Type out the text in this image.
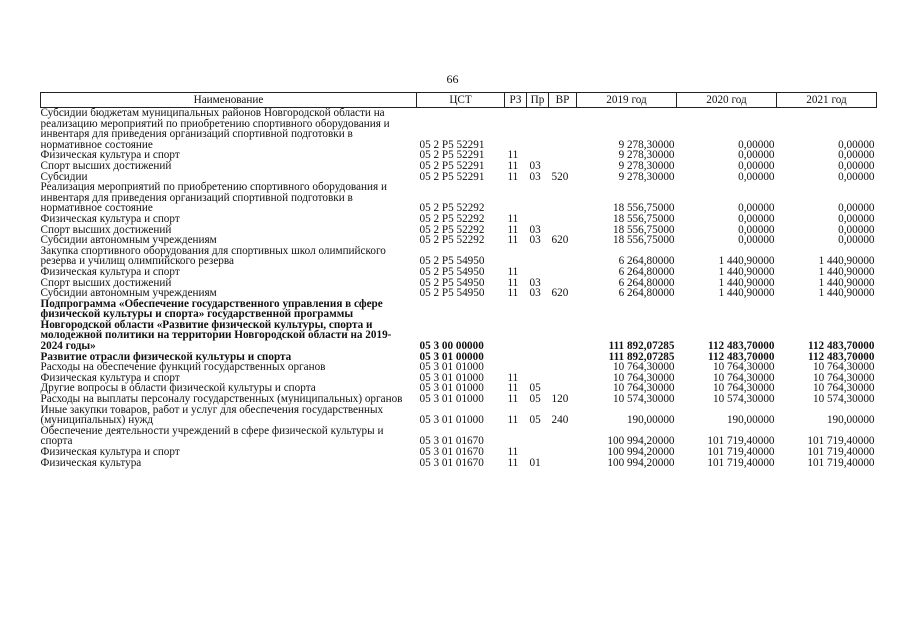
66
Наименование	ЦСТ	РЗ	Пр	ВР	2019 год	2020 год	2021 год
Субсидии бюджетам муниципальных районов Новгородской области на реализацию мероприятий по приобретению спортивного оборудования и инвентаря для приведения организаций спортивной подготовки в нормативное состояние	05 2 P5 52291				9 278,30000	0,00000	0,00000
Физическая культура и спорт	05 2 P5 52291	11			9 278,30000	0,00000	0,00000
Спорт высших достижений	05 2 P5 52291	11	03		9 278,30000	0,00000	0,00000
Субсидии	05 2 P5 52291	11	03	520	9 278,30000	0,00000	0,00000
Реализация мероприятий по приобретению спортивного оборудования и инвентаря для приведения организаций спортивной подготовки в нормативное состояние	05 2 P5 52292				18 556,75000	0,00000	0,00000
Физическая культура и спорт	05 2 P5 52292	11			18 556,75000	0,00000	0,00000
Спорт высших достижений	05 2 P5 52292	11	03		18 556,75000	0,00000	0,00000
Субсидии автономным учреждениям	05 2 P5 52292	11	03	620	18 556,75000	0,00000	0,00000
Закупка спортивного оборудования для спортивных школ олимпийского резерва и училищ олимпийского резерва	05 2 P5 54950				6 264,80000	1 440,90000	1 440,90000
Физическая культура и спорт	05 2 P5 54950	11			6 264,80000	1 440,90000	1 440,90000
Спорт высших достижений	05 2 P5 54950	11	03		6 264,80000	1 440,90000	1 440,90000
Субсидии автономным учреждениям	05 2 P5 54950	11	03	620	6 264,80000	1 440,90000	1 440,90000
Подпрограмма «Обеспечение государственного управления в сфере физической культуры и спорта» государственной программы Новгородской области «Развитие физической культуры, спорта и молодежной политики на территории Новгородской области на 2019-2024 годы»	05 3 00 00000				111 892,07285	112 483,70000	112 483,70000
Развитие отрасли физической культуры и спорта	05 3 01 00000				111 892,07285	112 483,70000	112 483,70000
Расходы на обеспечение функций государственных органов	05 3 01 01000				10 764,30000	10 764,30000	10 764,30000
Физическая культура и спорт	05 3 01 01000	11			10 764,30000	10 764,30000	10 764,30000
Другие вопросы в области физической культуры и спорта	05 3 01 01000	11	05		10 764,30000	10 764,30000	10 764,30000
Расходы на выплаты персоналу государственных (муниципальных) органов	05 3 01 01000	11	05	120	10 574,30000	10 574,30000	10 574,30000
Иные закупки товаров, работ и услуг для обеспечения государственных (муниципальных) нужд	05 3 01 01000	11	05	240	190,00000	190,00000	190,00000
Обеспечение деятельности учреждений в сфере физической культуры и спорта	05 3 01 01670				100 994,20000	101 719,40000	101 719,40000
Физическая культура и спорт	05 3 01 01670	11			100 994,20000	101 719,40000	101 719,40000
Физическая культура	05 3 01 01670	11	01		100 994,20000	101 719,40000	101 719,40000
